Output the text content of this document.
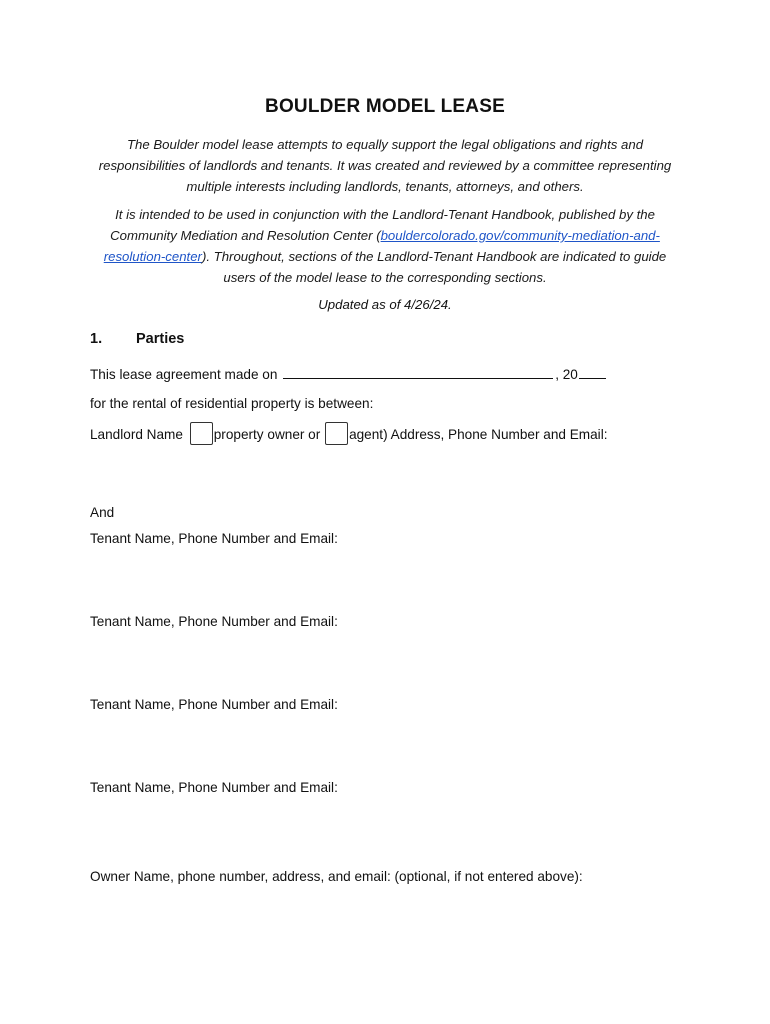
BOULDER MODEL LEASE
The Boulder model lease attempts to equally support the legal obligations and rights and responsibilities of landlords and tenants. It was created and reviewed by a committee representing multiple interests including landlords, tenants, attorneys, and others.
It is intended to be used in conjunction with the Landlord-Tenant Handbook, published by the Community Mediation and Resolution Center (bouldercolorado.gov/community-mediation-and-resolution-center). Throughout, sections of the Landlord-Tenant Handbook are indicated to guide users of the model lease to the corresponding sections.
Updated as of 4/26/24.
1. Parties
This lease agreement made on	, 20
for the rental of residential property is between:
Landlord Name property owner or agent) Address, Phone Number and Email:
And
Tenant Name, Phone Number and Email:
Tenant Name, Phone Number and Email:
Tenant Name, Phone Number and Email:
Tenant Name, Phone Number and Email:
Owner Name, phone number, address, and email: (optional, if not entered above):
